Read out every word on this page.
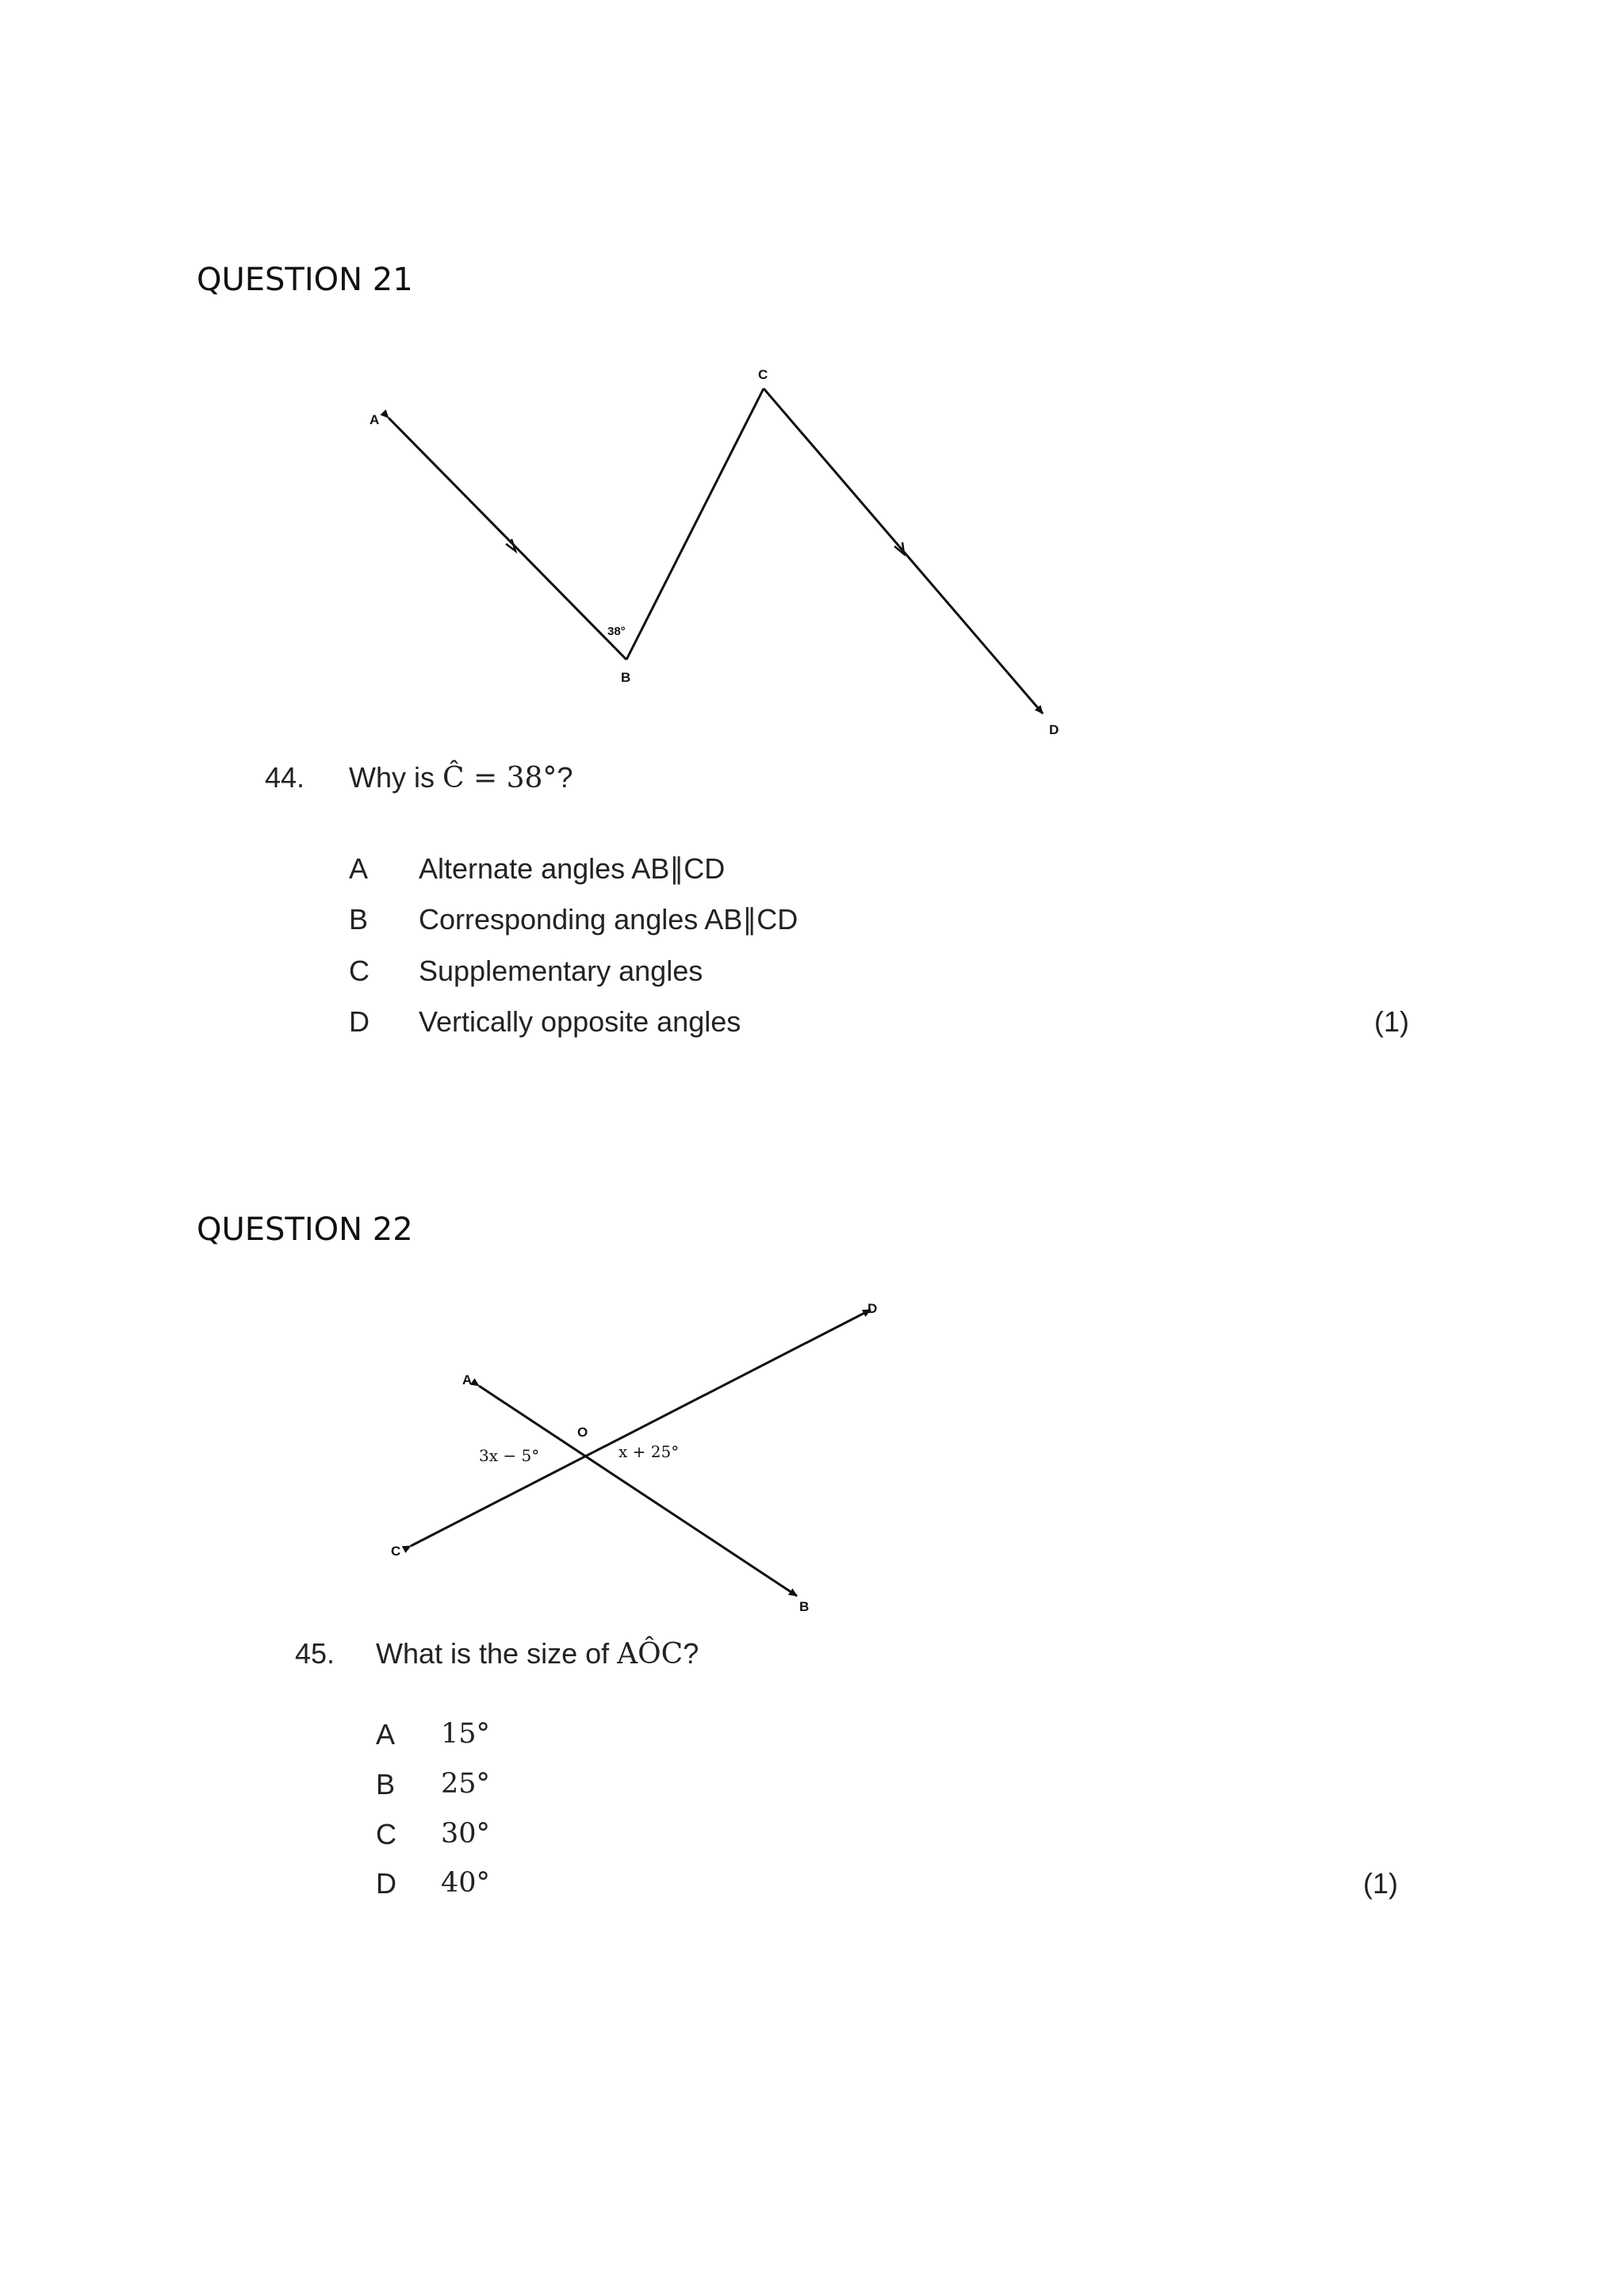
QUESTION 21
A
B
C
D
38°
44. Why is Ĉ = 38°?
A Alternate angles AB∥CD
B Corresponding angles AB∥CD
C Supplementary angles
D Vertically opposite angles	(1)
QUESTION 22
A
B
C
D
O
3x − 5°	x + 25°
45. What is the size of AÔC?
A 15°
B 25°
C 30°
D 40°	(1)
